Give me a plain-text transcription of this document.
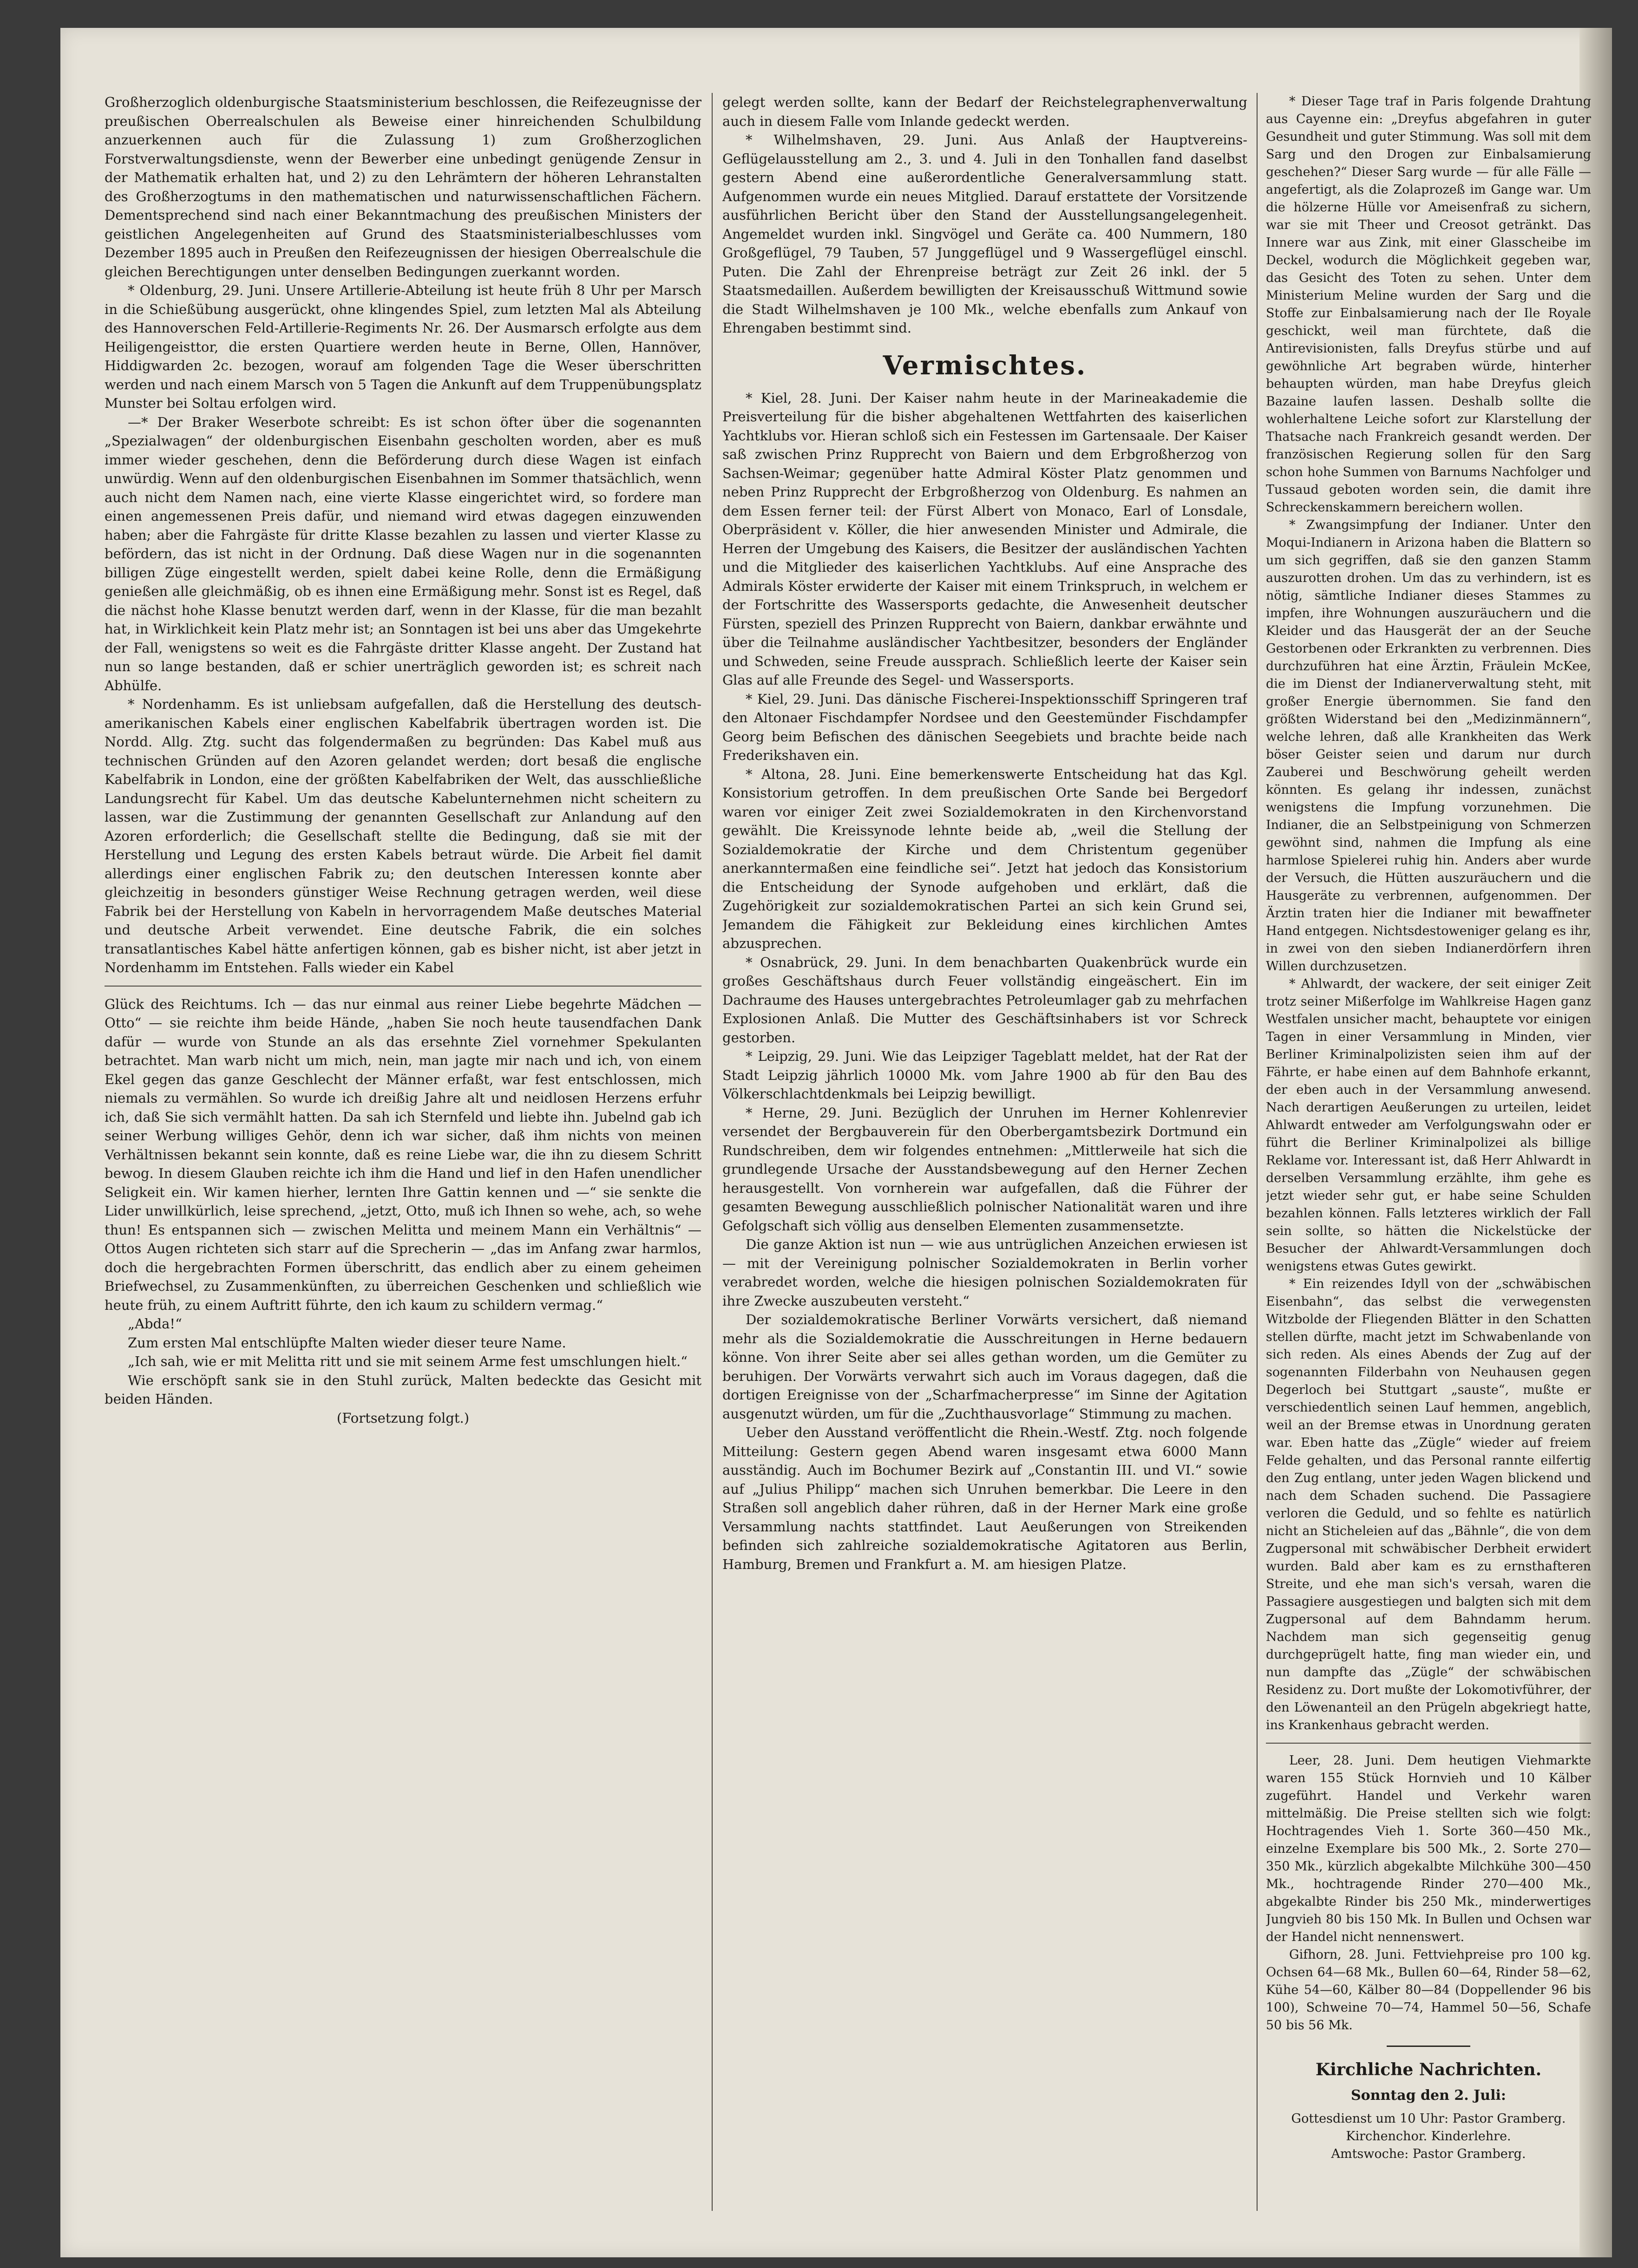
Großherzoglich oldenburgische Staatsministerium beschlossen, die Reifezeugnisse der preußischen Oberrealschulen als Beweise einer hinreichenden Schulbildung anzuerkennen auch für die Zulassung 1) zum Großherzoglichen Forstverwaltungsdienste, wenn der Bewerber eine unbedingt genügende Zensur in der Mathematik erhalten hat, und 2) zu den Lehrämtern der höheren Lehranstalten des Großherzogtums in den mathematischen und naturwissenschaftlichen Fächern. Dementsprechend sind nach einer Bekanntmachung des preußischen Ministers der geistlichen Angelegenheiten auf Grund des Staatsministerialbeschlusses vom Dezember 1895 auch in Preußen den Reifezeugnissen der hiesigen Oberrealschule die gleichen Berechtigungen unter denselben Bedingungen zuerkannt worden.

* Oldenburg, 29. Juni. Unsere Artillerie-Abteilung ist heute früh 8 Uhr per Marsch in die Schießübung ausgerückt, ohne klingendes Spiel, zum letzten Mal als Abteilung des Hannoverschen Feld-Artillerie-Regiments Nr. 26. Der Ausmarsch erfolgte aus dem Heiligengeisttor, die ersten Quartiere werden heute in Berne, Ollen, Hannöver, Hiddigwarden 2c. bezogen, worauf am folgenden Tage die Weser überschritten werden und nach einem Marsch von 5 Tagen die Ankunft auf dem Truppenübungsplatz Munster bei Soltau erfolgen wird.

—* Der Braker Weserbote schreibt: Es ist schon öfter über die sogenannten „Spezialwagen“ der oldenburgischen Eisenbahn gescholten worden, aber es muß immer wieder geschehen, denn die Beförderung durch diese Wagen ist einfach unwürdig. Wenn auf den oldenburgischen Eisenbahnen im Sommer thatsächlich, wenn auch nicht dem Namen nach, eine vierte Klasse eingerichtet wird, so fordere man einen angemessenen Preis dafür, und niemand wird etwas dagegen einzuwenden haben; aber die Fahrgäste für dritte Klasse bezahlen zu lassen und vierter Klasse zu befördern, das ist nicht in der Ordnung. Daß diese Wagen nur in die sogenannten billigen Züge eingestellt werden, spielt dabei keine Rolle, denn die Ermäßigung genießen alle gleichmäßig, ob es ihnen eine Ermäßigung mehr. Sonst ist es Regel, daß die nächst hohe Klasse benutzt werden darf, wenn in der Klasse, für die man bezahlt hat, in Wirklichkeit kein Platz mehr ist; an Sonntagen ist bei uns aber das Umgekehrte der Fall, wenigstens so weit es die Fahrgäste dritter Klasse angeht. Der Zustand hat nun so lange bestanden, daß er schier unerträglich geworden ist; es schreit nach Abhülfe.

* Nordenhamm. Es ist unliebsam aufgefallen, daß die Herstellung des deutsch-amerikanischen Kabels einer englischen Kabelfabrik übertragen worden ist. Die Nordd. Allg. Ztg. sucht das folgendermaßen zu begründen: Das Kabel muß aus technischen Gründen auf den Azoren gelandet werden; dort besaß die englische Kabelfabrik in London, eine der größten Kabelfabriken der Welt, das ausschließliche Landungsrecht für Kabel. Um das deutsche Kabelunternehmen nicht scheitern zu lassen, war die Zustimmung der genannten Gesellschaft zur Anlandung auf den Azoren erforderlich; die Gesellschaft stellte die Bedingung, daß sie mit der Herstellung und Legung des ersten Kabels betraut würde. Die Arbeit fiel damit allerdings einer englischen Fabrik zu; den deutschen Interessen konnte aber gleichzeitig in besonders günstiger Weise Rechnung getragen werden, weil diese Fabrik bei der Herstellung von Kabeln in hervorragendem Maße deutsches Material und deutsche Arbeit verwendet. Eine deutsche Fabrik, die ein solches transatlantisches Kabel hätte anfertigen können, gab es bisher nicht, ist aber jetzt in Nordenhamm im Entstehen. Falls wieder ein Kabel

Glück des Reichtums. Ich — das nur einmal aus reiner Liebe begehrte Mädchen — Otto“ — sie reichte ihm beide Hände, „haben Sie noch heute tausendfachen Dank dafür — wurde von Stunde an als das ersehnte Ziel vornehmer Spekulanten betrachtet. Man warb nicht um mich, nein, man jagte mir nach und ich, von einem Ekel gegen das ganze Geschlecht der Männer erfaßt, war fest entschlossen, mich niemals zu vermählen. So wurde ich dreißig Jahre alt und neidlosen Herzens erfuhr ich, daß Sie sich vermählt hatten. Da sah ich Sternfeld und liebte ihn. Jubelnd gab ich seiner Werbung williges Gehör, denn ich war sicher, daß ihm nichts von meinen Verhältnissen bekannt sein konnte, daß es reine Liebe war, die ihn zu diesem Schritt bewog. In diesem Glauben reichte ich ihm die Hand und lief in den Hafen unendlicher Seligkeit ein. Wir kamen hierher, lernten Ihre Gattin kennen und —“ sie senkte die Lider unwillkürlich, leise sprechend, „jetzt, Otto, muß ich Ihnen so wehe, ach, so wehe thun! Es entspannen sich — zwischen Melitta und meinem Mann ein Verhältnis“ — Ottos Augen richteten sich starr auf die Sprecherin — „das im Anfang zwar harmlos, doch die hergebrachten Formen überschritt, das endlich aber zu einem geheimen Briefwechsel, zu Zusammenkünften, zu überreichen Geschenken und schließlich wie heute früh, zu einem Auftritt führte, den ich kaum zu schildern vermag.“

„Abda!“

Zum ersten Mal entschlüpfte Malten wieder dieser teure Name.

„Ich sah, wie er mit Melitta ritt und sie mit seinem Arme fest umschlungen hielt.“

Wie erschöpft sank sie in den Stuhl zurück, Malten bedeckte das Gesicht mit beiden Händen.

(Fortsetzung folgt.)

gelegt werden sollte, kann der Bedarf der Reichstelegraphenverwaltung auch in diesem Falle vom Inlande gedeckt werden.

* Wilhelmshaven, 29. Juni. Aus Anlaß der Hauptvereins-Geflügelausstellung am 2., 3. und 4. Juli in den Tonhallen fand daselbst gestern Abend eine außerordentliche Generalversammlung statt. Aufgenommen wurde ein neues Mitglied. Darauf erstattete der Vorsitzende ausführlichen Bericht über den Stand der Ausstellungsangelegenheit. Angemeldet wurden inkl. Singvögel und Geräte ca. 400 Nummern, 180 Großgeflügel, 79 Tauben, 57 Junggeflügel und 9 Wassergeflügel einschl. Puten. Die Zahl der Ehrenpreise beträgt zur Zeit 26 inkl. der 5 Staatsmedaillen. Außerdem bewilligten der Kreisausschuß Wittmund sowie die Stadt Wilhelmshaven je 100 Mk., welche ebenfalls zum Ankauf von Ehrengaben bestimmt sind.

Vermischtes.

* Kiel, 28. Juni. Der Kaiser nahm heute in der Marineakademie die Preisverteilung für die bisher abgehaltenen Wettfahrten des kaiserlichen Yachtklubs vor. Hieran schloß sich ein Festessen im Gartensaale. Der Kaiser saß zwischen Prinz Rupprecht von Baiern und dem Erbgroßherzog von Sachsen-Weimar; gegenüber hatte Admiral Köster Platz genommen und neben Prinz Rupprecht der Erbgroßherzog von Oldenburg. Es nahmen an dem Essen ferner teil: der Fürst Albert von Monaco, Earl of Lonsdale, Oberpräsident v. Köller, die hier anwesenden Minister und Admirale, die Herren der Umgebung des Kaisers, die Besitzer der ausländischen Yachten und die Mitglieder des kaiserlichen Yachtklubs. Auf eine Ansprache des Admirals Köster erwiderte der Kaiser mit einem Trinkspruch, in welchem er der Fortschritte des Wassersports gedachte, die Anwesenheit deutscher Fürsten, speziell des Prinzen Rupprecht von Baiern, dankbar erwähnte und über die Teilnahme ausländischer Yachtbesitzer, besonders der Engländer und Schweden, seine Freude aussprach. Schließlich leerte der Kaiser sein Glas auf alle Freunde des Segel- und Wassersports.

* Kiel, 29. Juni. Das dänische Fischerei-Inspektionsschiff Springeren traf den Altonaer Fischdampfer Nordsee und den Geestemünder Fischdampfer Georg beim Befischen des dänischen Seegebiets und brachte beide nach Frederikshaven ein.

* Altona, 28. Juni. Eine bemerkenswerte Entscheidung hat das Kgl. Konsistorium getroffen. In dem preußischen Orte Sande bei Bergedorf waren vor einiger Zeit zwei Sozialdemokraten in den Kirchenvorstand gewählt. Die Kreissynode lehnte beide ab, „weil die Stellung der Sozialdemokratie der Kirche und dem Christentum gegenüber anerkanntermaßen eine feindliche sei“. Jetzt hat jedoch das Konsistorium die Entscheidung der Synode aufgehoben und erklärt, daß die Zugehörigkeit zur sozialdemokratischen Partei an sich kein Grund sei, Jemandem die Fähigkeit zur Bekleidung eines kirchlichen Amtes abzusprechen.

* Osnabrück, 29. Juni. In dem benachbarten Quakenbrück wurde ein großes Geschäftshaus durch Feuer vollständig eingeäschert. Ein im Dachraume des Hauses untergebrachtes Petroleumlager gab zu mehrfachen Explosionen Anlaß. Die Mutter des Geschäftsinhabers ist vor Schreck gestorben.

* Leipzig, 29. Juni. Wie das Leipziger Tageblatt meldet, hat der Rat der Stadt Leipzig jährlich 10000 Mk. vom Jahre 1900 ab für den Bau des Völkerschlachtdenkmals bei Leipzig bewilligt.

* Herne, 29. Juni. Bezüglich der Unruhen im Herner Kohlenrevier versendet der Bergbauverein für den Oberbergamtsbezirk Dortmund ein Rundschreiben, dem wir folgendes entnehmen: „Mittlerweile hat sich die grundlegende Ursache der Ausstandsbewegung auf den Herner Zechen herausgestellt. Von vornherein war aufgefallen, daß die Führer der gesamten Bewegung ausschließlich polnischer Nationalität waren und ihre Gefolgschaft sich völlig aus denselben Elementen zusammensetzte.

Die ganze Aktion ist nun — wie aus untrüglichen Anzeichen erwiesen ist — mit der Vereinigung polnischer Sozialdemokraten in Berlin vorher verabredet worden, welche die hiesigen polnischen Sozialdemokraten für ihre Zwecke auszubeuten versteht.“

Der sozialdemokratische Berliner Vorwärts versichert, daß niemand mehr als die Sozialdemokratie die Ausschreitungen in Herne bedauern könne. Von ihrer Seite aber sei alles gethan worden, um die Gemüter zu beruhigen. Der Vorwärts verwahrt sich auch im Voraus dagegen, daß die dortigen Ereignisse von der „Scharfmacherpresse“ im Sinne der Agitation ausgenutzt würden, um für die „Zuchthausvorlage“ Stimmung zu machen.

Ueber den Ausstand veröffentlicht die Rhein.-Westf. Ztg. noch folgende Mitteilung: Gestern gegen Abend waren insgesamt etwa 6000 Mann ausständig. Auch im Bochumer Bezirk auf „Constantin III. und VI.“ sowie auf „Julius Philipp“ machen sich Unruhen bemerkbar. Die Leere in den Straßen soll angeblich daher rühren, daß in der Herner Mark eine große Versammlung nachts stattfindet. Laut Aeußerungen von Streikenden befinden sich zahlreiche sozialdemokratische Agitatoren aus Berlin, Hamburg, Bremen und Frankfurt a. M. am hiesigen Platze.

* Dieser Tage traf in Paris folgende Drahtung aus Cayenne ein: „Dreyfus abgefahren in guter Gesundheit und guter Stimmung. Was soll mit dem Sarg und den Drogen zur Einbalsamierung geschehen?“ Dieser Sarg wurde — für alle Fälle — angefertigt, als die Zolaprozeß im Gange war. Um die hölzerne Hülle vor Ameisenfraß zu sichern, war sie mit Theer und Creosot getränkt. Das Innere war aus Zink, mit einer Glasscheibe im Deckel, wodurch die Möglichkeit gegeben war, das Gesicht des Toten zu sehen. Unter dem Ministerium Meline wurden der Sarg und die Stoffe zur Einbalsamierung nach der Ile Royale geschickt, weil man fürchtete, daß die Antirevisionisten, falls Dreyfus stürbe und auf gewöhnliche Art begraben würde, hinterher behaupten würden, man habe Dreyfus gleich Bazaine laufen lassen. Deshalb sollte die wohlerhaltene Leiche sofort zur Klarstellung der Thatsache nach Frankreich gesandt werden. Der französischen Regierung sollen für den Sarg schon hohe Summen von Barnums Nachfolger und Tussaud geboten worden sein, die damit ihre Schreckenskammern bereichern wollen.

* Zwangsimpfung der Indianer. Unter den Moqui-Indianern in Arizona haben die Blattern so um sich gegriffen, daß sie den ganzen Stamm auszurotten drohen. Um das zu verhindern, ist es nötig, sämtliche Indianer dieses Stammes zu impfen, ihre Wohnungen auszuräuchern und die Kleider und das Hausgerät der an der Seuche Gestorbenen oder Erkrankten zu verbrennen. Dies durchzuführen hat eine Ärztin, Fräulein McKee, die im Dienst der Indianerverwaltung steht, mit großer Energie übernommen. Sie fand den größten Widerstand bei den „Medizinmännern“, welche lehren, daß alle Krankheiten das Werk böser Geister seien und darum nur durch Zauberei und Beschwörung geheilt werden könnten. Es gelang ihr indessen, zunächst wenigstens die Impfung vorzunehmen. Die Indianer, die an Selbstpeinigung von Schmerzen gewöhnt sind, nahmen die Impfung als eine harmlose Spielerei ruhig hin. Anders aber wurde der Versuch, die Hütten auszuräuchern und die Hausgeräte zu verbrennen, aufgenommen. Der Ärztin traten hier die Indianer mit bewaffneter Hand entgegen. Nichtsdestoweniger gelang es ihr, in zwei von den sieben Indianerdörfern ihren Willen durchzusetzen.

* Ahlwardt, der wackere, der seit einiger Zeit trotz seiner Mißerfolge im Wahlkreise Hagen ganz Westfalen unsicher macht, behauptete vor einigen Tagen in einer Versammlung in Minden, vier Berliner Kriminalpolizisten seien ihm auf der Fährte, er habe einen auf dem Bahnhofe erkannt, der eben auch in der Versammlung anwesend. Nach derartigen Aeußerungen zu urteilen, leidet Ahlwardt entweder am Verfolgungswahn oder er führt die Berliner Kriminalpolizei als billige Reklame vor. Interessant ist, daß Herr Ahlwardt in derselben Versammlung erzählte, ihm gehe es jetzt wieder sehr gut, er habe seine Schulden bezahlen können. Falls letzteres wirklich der Fall sein sollte, so hätten die Nickelstücke der Besucher der Ahlwardt-Versammlungen doch wenigstens etwas Gutes gewirkt.

* Ein reizendes Idyll von der „schwäbischen Eisenbahn“, das selbst die verwegensten Witzbolde der Fliegenden Blätter in den Schatten stellen dürfte, macht jetzt im Schwabenlande von sich reden. Als eines Abends der Zug auf der sogenannten Filderbahn von Neuhausen gegen Degerloch bei Stuttgart „sauste“, mußte er verschiedentlich seinen Lauf hemmen, angeblich, weil an der Bremse etwas in Unordnung geraten war. Eben hatte das „Zügle“ wieder auf freiem Felde gehalten, und das Personal rannte eilfertig den Zug entlang, unter jeden Wagen blickend und nach dem Schaden suchend. Die Passagiere verloren die Geduld, und so fehlte es natürlich nicht an Sticheleien auf das „Bähnle“, die von dem Zugpersonal mit schwäbischer Derbheit erwidert wurden. Bald aber kam es zu ernsthafteren Streite, und ehe man sich's versah, waren die Passagiere ausgestiegen und balgten sich mit dem Zugpersonal auf dem Bahndamm herum. Nachdem man sich gegenseitig genug durchgeprügelt hatte, fing man wieder ein, und nun dampfte das „Zügle“ der schwäbischen Residenz zu. Dort mußte der Lokomotivführer, der den Löwenanteil an den Prügeln abgekriegt hatte, ins Krankenhaus gebracht werden.

Leer, 28. Juni. Dem heutigen Viehmarkte waren 155 Stück Hornvieh und 10 Kälber zugeführt. Handel und Verkehr waren mittelmäßig. Die Preise stellten sich wie folgt: Hochtragendes Vieh 1. Sorte 360—450 Mk., einzelne Exemplare bis 500 Mk., 2. Sorte 270—350 Mk., kürzlich abgekalbte Milchkühe 300—450 Mk., hochtragende Rinder 270—400 Mk., abgekalbte Rinder bis 250 Mk., minderwertiges Jungvieh 80 bis 150 Mk. In Bullen und Ochsen war der Handel nicht nennenswert.

Gifhorn, 28. Juni. Fettviehpreise pro 100 kg. Ochsen 64—68 Mk., Bullen 60—64, Rinder 58—62, Kühe 54—60, Kälber 80—84 (Doppellender 96 bis 100), Schweine 70—74, Hammel 50—56, Schafe 50 bis 56 Mk.

Kirchliche Nachrichten.
Sonntag den 2. Juli:

Gottesdienst um 10 Uhr: Pastor Gramberg.

Kirchenchor. Kinderlehre.

Amtswoche: Pastor Gramberg.
